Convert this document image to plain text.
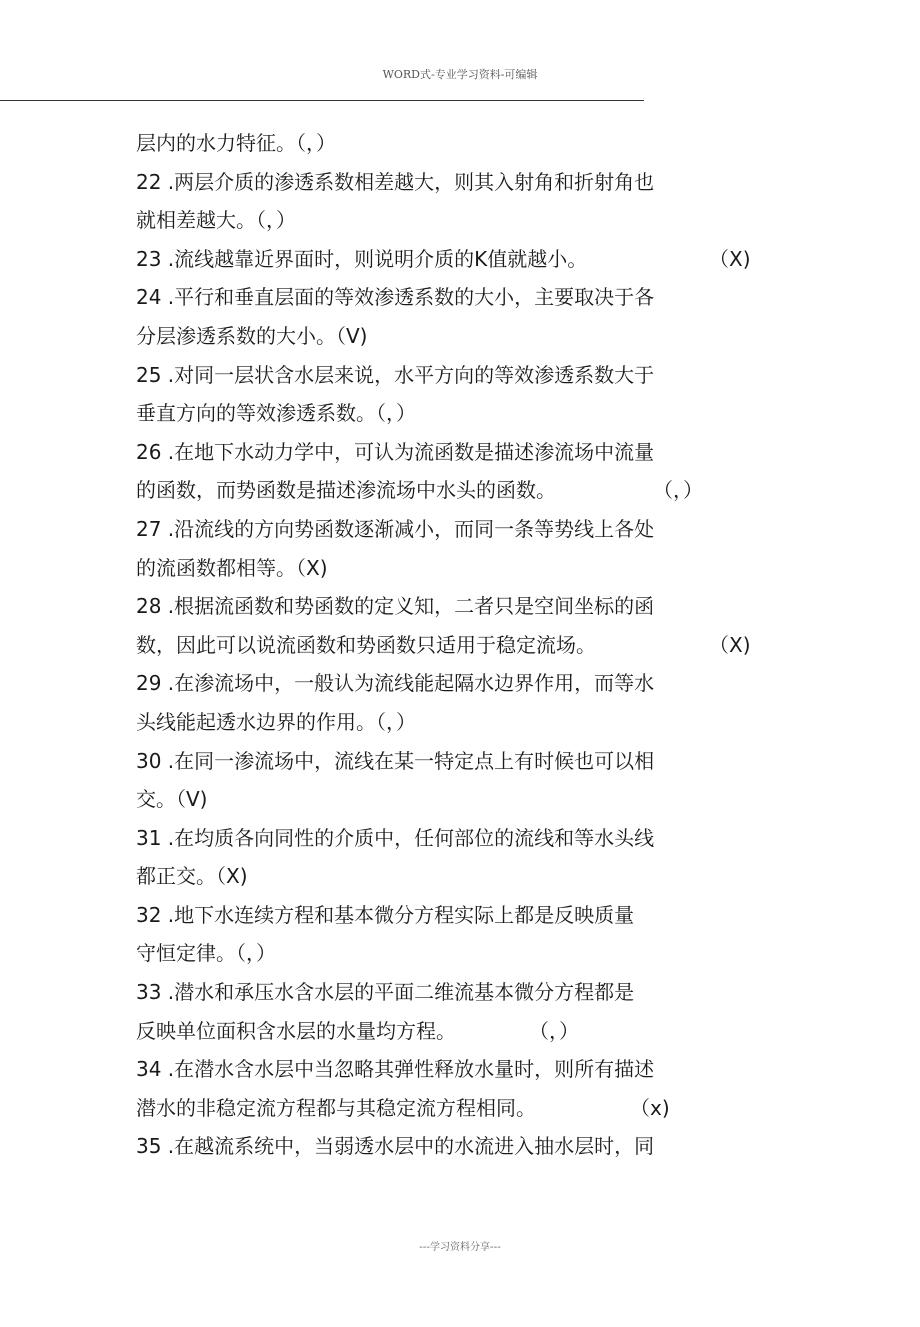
WORD式-专业学习资料-可编辑
层内的水力特征。（，）
22 .两层介质的渗透系数相差越大，则其入射角和折射角也
就相差越大。（，）
23 .流线越靠近界面时，则说明介质的K值就越小。	（X)
24 .平行和垂直层面的等效渗透系数的大小，主要取决于各
分层渗透系数的大小。（V)
25 .对同一层状含水层来说，水平方向的等效渗透系数大于
垂直方向的等效渗透系数。（，）
26 .在地下水动力学中，可认为流函数是描述渗流场中流量
的函数，而势函数是描述渗流场中水头的函数。	（，）
27 .沿流线的方向势函数逐渐减小，而同一条等势线上各处
的流函数都相等。（X)
28 .根据流函数和势函数的定义知，二者只是空间坐标的函
数，因此可以说流函数和势函数只适用于稳定流场。	（X)
29 .在渗流场中，一般认为流线能起隔水边界作用，而等水
头线能起透水边界的作用。（，）
30 .在同一渗流场中，流线在某一特定点上有时候也可以相
交。（V)
31 .在均质各向同性的介质中，任何部位的流线和等水头线
都正交。（X)
32 .地下水连续方程和基本微分方程实际上都是反映质量
守恒定律。（，）
33 .潜水和承压水含水层的平面二维流基本微分方程都是
反映单位面积含水层的水量均方程。	（，）
34 .在潜水含水层中当忽略其弹性释放水量时，则所有描述
潜水的非稳定流方程都与其稳定流方程相同。	（x)
35 .在越流系统中，当弱透水层中的水流进入抽水层时，同
---学习资料分享---
